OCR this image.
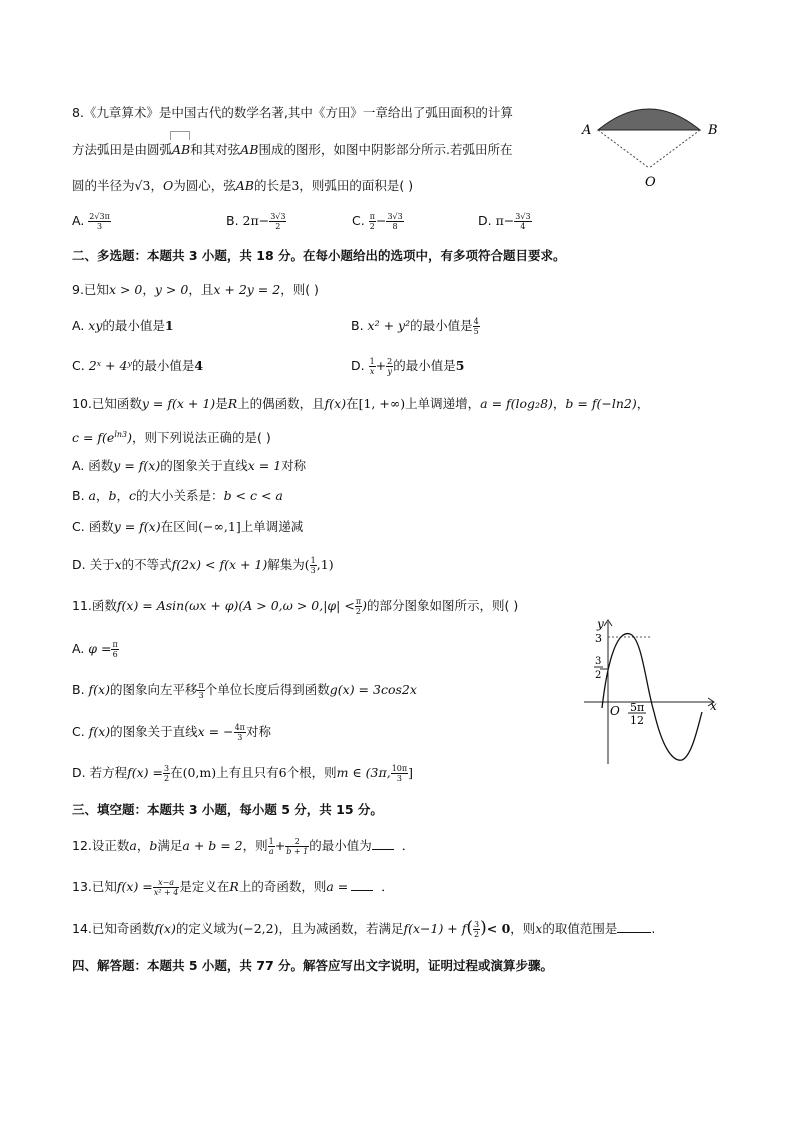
8.《九章算术》是中国古代的数学名著,其中《方田》一章给出了弧田面积的计算
方法弧田是由圆弧
AB和其对弦AB围成的图形，如图中阴影部分所示.若弧田所在
圆的半径为√3，O为圆心，弦AB的长是3，则弧田的面积是( )
A. $\frac{2√3\pi}{3}$	B. $2\pi- \frac{3√3}{2}$	C. $\frac{\pi}{2} - \frac{3√3}{8}$	D. $\pi- \frac{3√3}{4}$
A	B
O
二、多选题：本题共 3 小题，共 18 分。在每小题给出的选项中，有多项符合题目要求。
9.已知x > 0，y > 0，且x + 2y = 2，则( )
A. xy的最小值是1	B. x² + y²的最小值是 $\frac{4}{5}$
C. 2ˣ + 4ʸ的最小值是4	D. $\frac{1}{x} + \frac{2}{y}$ 的最小值是5
10.已知函数y = f(x + 1)是R上的偶函数，且f(x)在[1, +∞)上单调递增，a = f(log₂8)，b = f(−ln2)，
$c = f(e^{ln3})$，则下列说法正确的是( )
A. 函数y = f(x)的图象关于直线x = 1对称
B. a，b，c的大小关系是：b < c < a
C. 函数y = f(x)在区间(−∞,1]上单调递减
D. 关于x的不等式f(2x) < f(x + 1)解集为( $\frac{1}{3} ,1$)
11.函数$f(x) = Asin(\omega x + \varphi)(A > 0,\omega > 0,|\varphi| < \frac{\pi}{2}$ )的部分图象如图所示，则( )
A. $\varphi = \frac{\pi}{6}$
B. f(x)的图象向左平移 $\frac{\pi}{3}$ 个单位长度后得到函数g(x) = 3cos2x
C. f(x)的图象关于直线x = − $\frac{4\pi}{3}$ 对称
D. 若方程$f(x) = \frac{3}{2}$ 在(0,m)上有且只有6个根，则m ∈ (3π, $\frac{10\pi}{3}$ ]
y
x
3
3
2
O 5π
12
三、填空题：本题共 3 小题，每小题 5 分，共 15 分。
12.设正数a，b满足a + b = 2，则 $\frac{1}{a} + \frac{2}{b + 1}$ 的最小值为 ．
13.已知$f(x) = \frac{x-a}{\text{x² + 4}}$ 是定义在R上的奇函数，则a =	．
14.已知奇函数f(x)的定义域为(−2,2)，且为减函数，若满足$f(x-1) + f( \frac{3}{2}$ )< 0，则x的取值范围是	.
四、解答题：本题共 5 小题，共 77 分。解答应写出文字说明，证明过程或演算步骤。
